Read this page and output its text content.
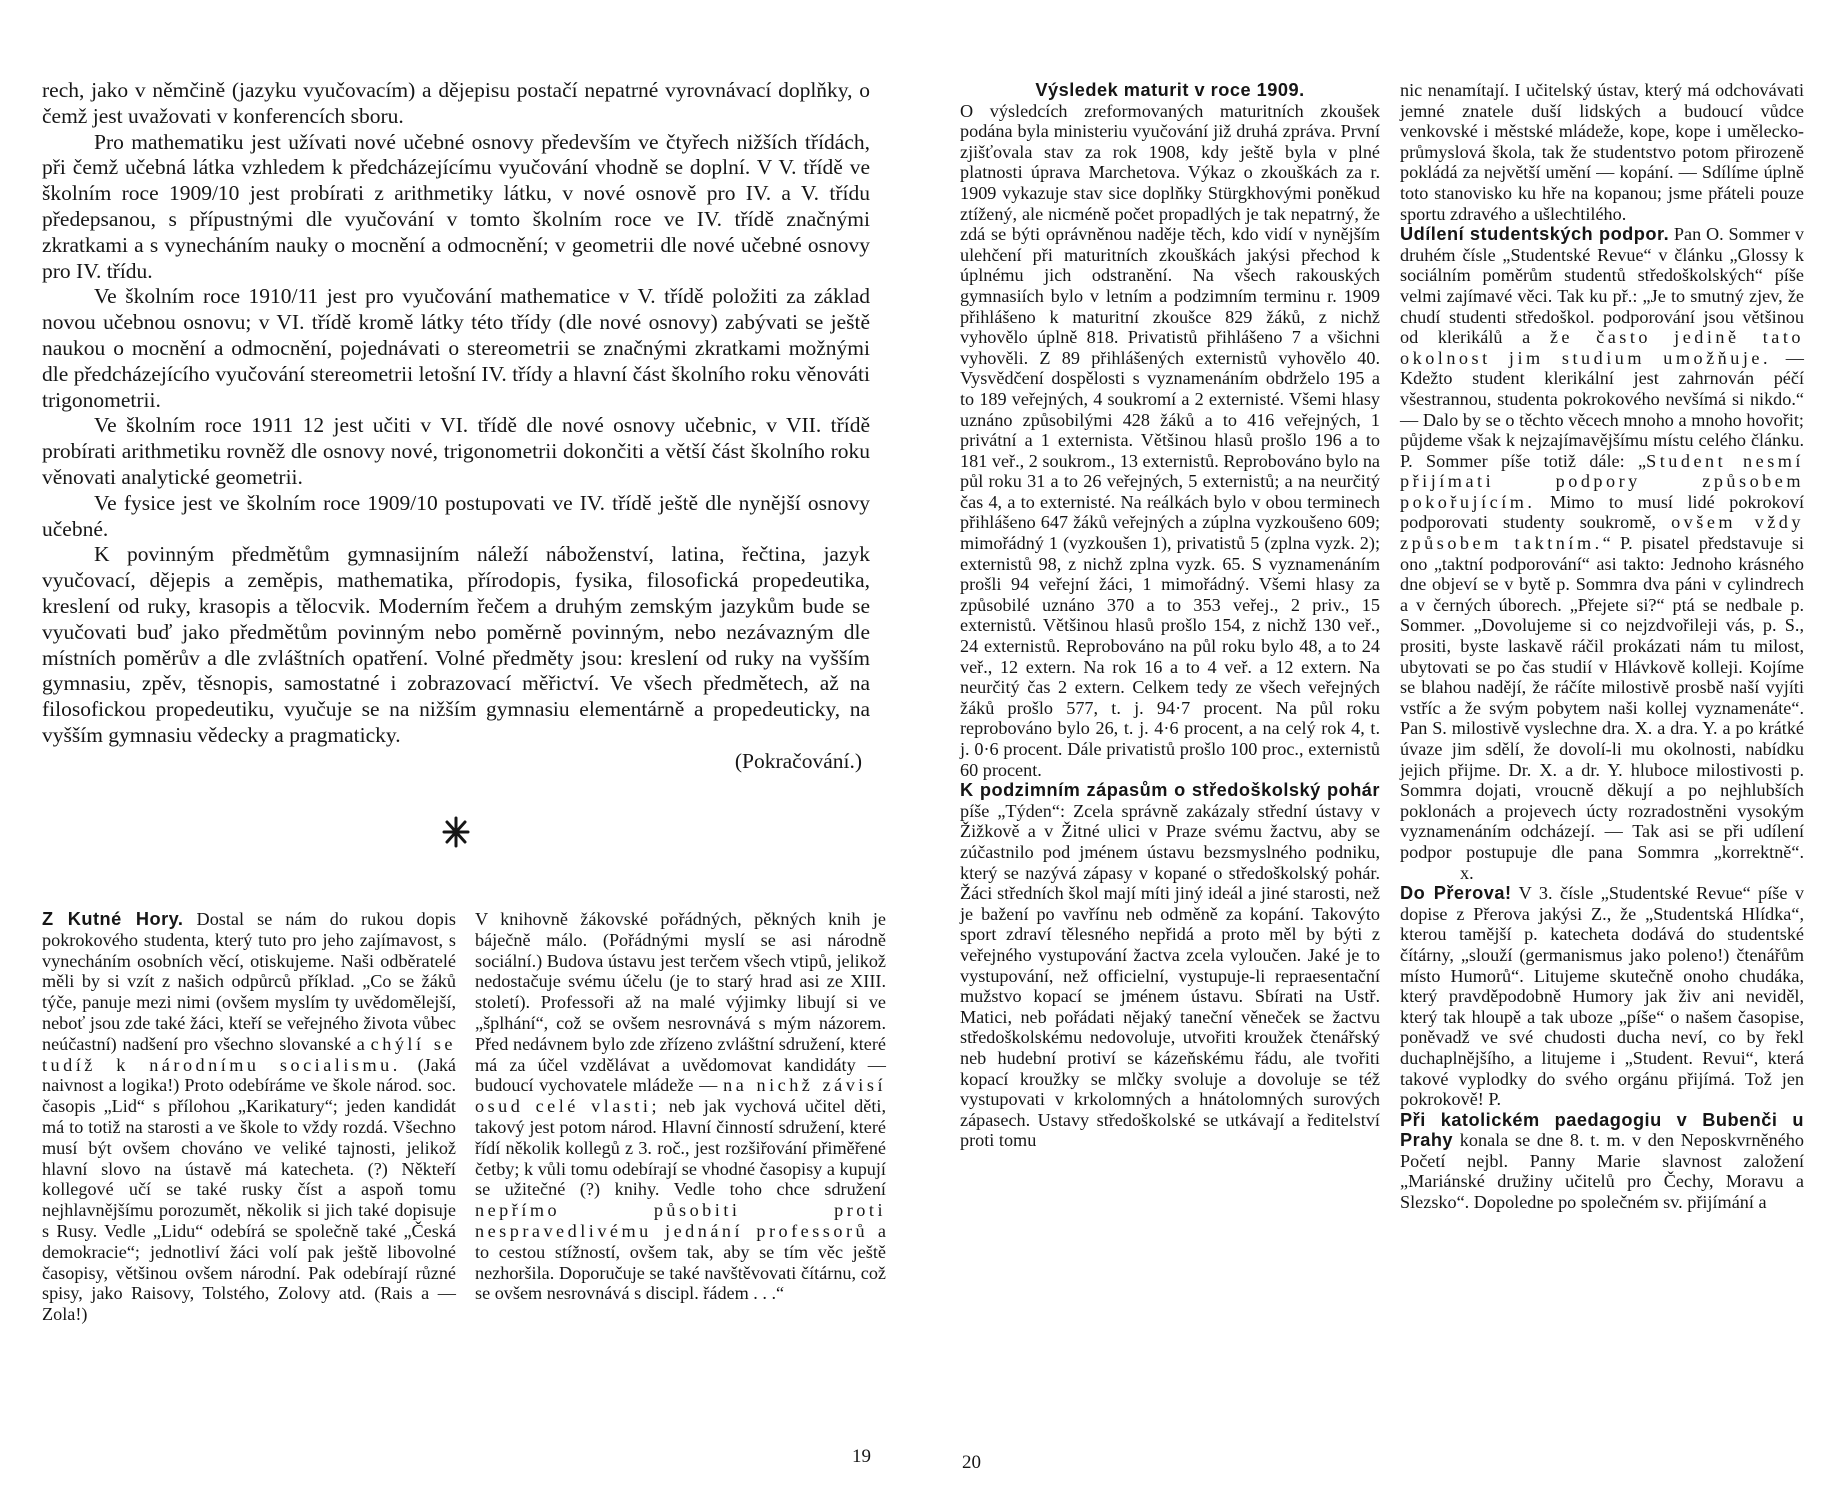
rech, jako v němčině (jazyku vyučovacím) a dějepisu postačí nepatrné vyrovnávací doplňky, o čemž jest uvažovati v konferencích sboru.

Pro mathematiku jest užívati nové učebné osnovy především ve čtyřech nižších třídách, při čemž učebná látka vzhledem k předcházejícímu vyučování vhodně se doplní. V V. třídě ve školním roce 1909/10 jest probírati z arithmetiky látku, v nové osnově pro IV. a V. třídu předepsanou, s přípustnými dle vyučování v tomto školním roce ve IV. třídě značnými zkratkami a s vynecháním nauky o mocnění a odmocnění; v geometrii dle nové učebné osnovy pro IV. třídu.

Ve školním roce 1910/11 jest pro vyučování mathematice v V. třídě položiti za základ novou učebnou osnovu; v VI. třídě kromě látky této třídy (dle nové osnovy) zabývati se ještě naukou o mocnění a odmocnění, pojednávati o stereometrii se značnými zkratkami možnými dle předcházejícího vyučování stereometrii letošní IV. třídy a hlavní část školního roku věnováti trigonometrii.

Ve školním roce 1911 12 jest učiti v VI. třídě dle nové osnovy učebnic, v VII. třídě probírati arithmetiku rovněž dle osnovy nové, trigonometrii dokončiti a větší část školního roku věnovati analytické geometrii.

Ve fysice jest ve školním roce 1909/10 postupovati ve IV. třídě ještě dle nynější osnovy učebné.

K povinným předmětům gymnasijním náleží náboženství, latina, řečtina, jazyk vyučovací, dějepis a zeměpis, mathematika, přírodopis, fysika, filosofická propedeutika, kreslení od ruky, krasopis a tělocvik. Moderním řečem a druhým zemským jazykům bude se vyučovati buď jako předmětům povinným nebo poměrně povinným, nebo nezávazným dle místních poměrův a dle zvláštních opatření. Volné předměty jsou: kreslení od ruky na vyšším gymnasiu, zpěv, těsnopis, samostatné i zobrazovací měřictví. Ve všech předmětech, až na filosofickou propedeutiku, vyučuje se na nižším gymnasiu elementárně a propedeuticky, na vyšším gymnasiu vědecky a pragmaticky.

(Pokračování.)

Z Kutné Hory. Dostal se nám do rukou dopis pokrokového studenta, který tuto pro jeho zajímavost, s vynecháním osobních věcí, otiskujeme. Naši odběratelé měli by si vzít z našich odpůrců příklad. „Co se žáků týče, panuje mezi nimi (ovšem myslím ty uvědomělejší, neboť jsou zde také žáci, kteří se veřejného života vůbec neúčastní) nadšení pro všechno slovanské a chýlí se tudíž k národnímu socialismu. (Jaká naivnost a logika!) Proto odebíráme ve škole národ. soc. časopis „Lid“ s přílohou „Karikatury“; jeden kandidát má to totiž na starosti a ve škole to vždy rozdá. Všechno musí být ovšem chováno ve veliké tajnosti, jelikož hlavní slovo na ústavě má katecheta. (?) Někteří kollegové učí se také rusky číst a aspoň tomu nejhlavnějšímu porozumět, několik si jich také dopisuje s Rusy. Vedle „Lidu“ odebírá se společně také „Česká demokracie“; jednotliví žáci volí pak ještě libovolné časopisy, většinou ovšem národní. Pak odebírají různé spisy, jako Raisovy, Tolstého, Zolovy atd. (Rais a — Zola!)

V knihovně žákovské pořádných, pěkných knih je báječně málo. (Pořádnými myslí se asi národně sociální.) Budova ústavu jest terčem všech vtipů, jelikož nedostačuje svému účelu (je to starý hrad asi ze XIII. století). Professoři až na malé výjimky libují si ve „šplhání“, což se ovšem nesrovnává s mým názorem. Před nedávnem bylo zde zřízeno zvláštní sdružení, které má za účel vzdělávat a uvědomovat kandidáty — budoucí vychovatele mládeže — na nichž závisí osud celé vlasti; neb jak vychová učitel děti, takový jest potom národ. Hlavní činností sdružení, které řídí několik kollegů z 3. roč., jest rozšiřování přiměřené četby; k vůli tomu odebírají se vhodné časopisy a kupují se užitečné (?) knihy. Vedle toho chce sdružení nepřímo působiti proti nespravedlivému jednání professorů a to cestou stížností, ovšem tak, aby se tím věc ještě nezhoršila. Doporučuje se také navštěvovati čítárnu, což se ovšem nesrovnává s discipl. řádem . . .“

19
Výsledek maturit v roce 1909.

O výsledcích zreformovaných maturitních zkoušek podána byla ministeriu vyučování již druhá zpráva. První zjišťovala stav za rok 1908, kdy ještě byla v plné platnosti úprava Marchetova. Výkaz o zkouškách za r. 1909 vykazuje stav sice doplňky Stürgkhovými poněkud ztížený, ale nicméně počet propadlých je tak nepatrný, že zdá se býti oprávněnou naděje těch, kdo vidí v nynějším ulehčení při maturitních zkouškách jakýsi přechod k úplnému jich odstranění. Na všech rakouských gymnasiích bylo v letním a podzimním terminu r. 1909 přihlášeno k maturitní zkoušce 829 žáků, z nichž vyhovělo úplně 818. Privatistů přihlášeno 7 a všichni vyhověli. Z 89 přihlášených externistů vyhovělo 40. Vysvědčení dospělosti s vyznamenáním obdrželo 195 a to 189 veřejných, 4 soukromí a 2 externisté. Všemi hlasy uznáno způsobilými 428 žáků a to 416 veřejných, 1 privátní a 1 externista. Většinou hlasů prošlo 196 a to 181 veř., 2 soukrom., 13 externistů. Reprobováno bylo na půl roku 31 a to 26 veřejných, 5 externistů; a na neurčitý čas 4, a to externisté. Na reálkách bylo v obou terminech přihlášeno 647 žáků veřejných a zúplna vyzkoušeno 609; mimořádný 1 (vyzkoušen 1), privatistů 5 (zplna vyzk. 2); externistů 98, z nichž zplna vyzk. 65. S vyznamenáním prošli 94 veřejní žáci, 1 mimořádný. Všemi hlasy za způsobilé uznáno 370 a to 353 veřej., 2 priv., 15 externistů. Většinou hlasů prošlo 154, z nichž 130 veř., 24 externistů. Reprobováno na půl roku bylo 48, a to 24 veř., 12 extern. Na rok 16 a to 4 veř. a 12 extern. Na neurčitý čas 2 extern. Celkem tedy ze všech veřejných žáků prošlo 577, t. j. 94·7 procent. Na půl roku reprobováno bylo 26, t. j. 4·6 procent, a na celý rok 4, t. j. 0·6 procent. Dále privatistů prošlo 100 proc., externistů 60 procent.

K podzimním zápasům o středoškolský pohár píše „Týden“: Zcela správně zakázaly střední ústavy v Žižkově a v Žitné ulici v Praze svému žactvu, aby se zúčastnilo pod jménem ústavu bezsmyslného podniku, který se nazývá zápasy v kopané o středoškolský pohár. Žáci středních škol mají míti jiný ideál a jiné starosti, než je bažení po vavřínu neb odměně za kopání. Takovýto sport zdraví tělesného nepřidá a proto měl by býti z veřejného vystupování žactva zcela vyloučen. Jaké je to vystupování, než officielní, vystupuje-li repraesentační mužstvo kopací se jménem ústavu. Sbírati na Ustř. Matici, neb pořádati nějaký taneční věneček se žactvu středoškolskému nedovoluje, utvořiti kroužek čtenářský neb hudební protiví se kázeňskému řádu, ale tvořiti kopací kroužky se mlčky svoluje a dovoluje se též vystupovati v krkolomných a hnátolomných surových zápasech. Ustavy středoškolské se utkávají a ředitelství proti tomu

nic nenamítají. I učitelský ústav, který má odchovávati jemné znatele duší lidských a budoucí vůdce venkovské i městské mládeže, kope, kope i umělecko-průmyslová škola, tak že studentstvo potom přirozeně pokládá za největší umění — kopání. — Sdílíme úplně toto stanovisko ku hře na kopanou; jsme přáteli pouze sportu zdravého a ušlechtilého.

Udílení studentských podpor. Pan O. Sommer v druhém čísle „Studentské Revue“ v článku „Glossy k sociálním poměrům studentů středoškolských“ píše velmi zajímavé věci. Tak ku př.: „Je to smutný zjev, že chudí studenti středoškol. podporování jsou většinou od klerikálů a že často jedině tato okolnost jim studium umožňuje. — Kdežto student klerikální jest zahrnován péčí všestrannou, studenta pokrokového nevšímá si nikdo.“ — Dalo by se o těchto věcech mnoho a mnoho hovořit; půjdeme však k nejzajímavějšímu místu celého článku. P. Sommer píše totiž dále: „Student nesmí přijímati podpory způsobem pokořujícím. Mimo to musí lidé pokrokoví podporovati studenty soukromě, ovšem vždy způsobem taktním.“ P. pisatel představuje si ono „taktní podporování“ asi takto: Jednoho krásného dne objeví se v bytě p. Sommra dva páni v cylindrech a v černých úborech. „Přejete si?“ ptá se nedbale p. Sommer. „Dovolujeme si co nejzdvořileji vás, p. S., prositi, byste laskavě ráčil prokázati nám tu milost, ubytovati se po čas studií v Hlávkově kolleji. Kojíme se blahou nadějí, že ráčíte milostivě prosbě naší vyjíti vstříc a že svým pobytem naši kollej vyznamenáte“. Pan S. milostivě vyslechne dra. X. a dra. Y. a po krátké úvaze jim sdělí, že dovolí-li mu okolnosti, nabídku jejich přijme. Dr. X. a dr. Y. hluboce milostivosti p. Sommra dojati, vroucně děkují a po nejhlubších poklonách a projevech úcty rozradostněni vysokým vyznamenáním odcházejí. — Tak asi se při udílení podpor postupuje dle pana Sommra „korrektně“. x.

Do Přerova! V 3. čísle „Studentské Revue“ píše v dopise z Přerova jakýsi Z., že „Studentská Hlídka“, kterou tamější p. katecheta dodává do studentské čítárny, „slouží (germanismus jako poleno!) čtenářům místo Humorů“. Litujeme skutečně onoho chudáka, který pravděpodobně Humory jak živ ani neviděl, který tak hloupě a tak uboze „píše“ o našem časopise, poněvadž ve své chudosti ducha neví, co by řekl duchaplnějšího, a litujeme i „Student. Revui“, která takové vyplodky do svého orgánu přijímá. Tož jen pokrokově! P.

Při katolickém paedagogiu v Bubenči u Prahy konala se dne 8. t. m. v den Neposkvrněného Početí nejbl. Panny Marie slavnost založení „Mariánské družiny učitelů pro Čechy, Moravu a Slezsko“. Dopoledne po společném sv. přijímání a

20
